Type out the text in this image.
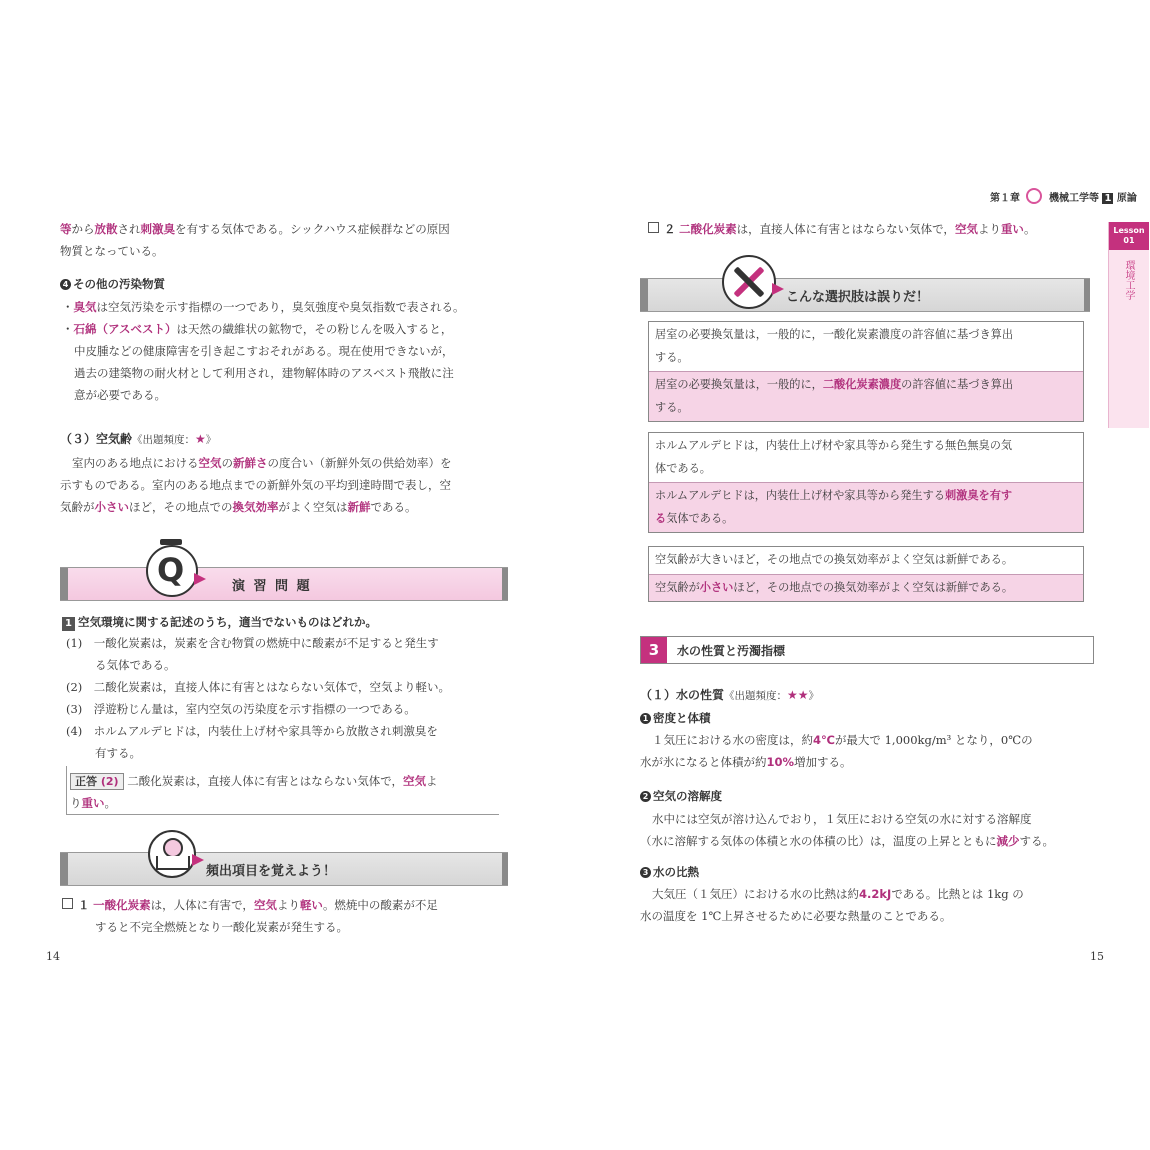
第１章	機械工学等 1 原論
Lesson 01
環境工学
等から放散され刺激臭を有する気体である。シックハウス症候群などの原因
物質となっている。
4 その他の汚染物質
・臭気は空気汚染を示す指標の一つであり，臭気強度や臭気指数で表される。
・石綿（アスベスト）は天然の繊維状の鉱物で，その粉じんを吸入すると，
中皮腫などの健康障害を引き起こすおそれがある。現在使用できないが，
過去の建築物の耐火材として利用され，建物解体時のアスベスト飛散に注
意が必要である。
（３）空気齢《出題頻度：★》
室内のある地点における空気の新鮮さの度合い（新鮮外気の供給効率）を
示すものである。室内のある地点までの新鮮外気の平均到達時間で表し，空
気齢が小さいほど，その地点での換気効率がよく空気は新鮮である。
演 習 問 題
Q
1 空気環境に関する記述のうち，適当でないものはどれか。
(1)　一酸化炭素は，炭素を含む物質の燃焼中に酸素が不足すると発生す
る気体である。
(2)　二酸化炭素は，直接人体に有害とはならない気体で，空気より軽い。
(3)　浮遊粉じん量は，室内空気の汚染度を示す指標の一つである。
(4)　ホルムアルデヒドは，内装仕上げ材や家具等から放散され刺激臭を
有する。
正答 (2) 二酸化炭素は，直接人体に有害とはならない気体で，空気よ
り重い。
頻出項目を覚えよう！
１ 一酸化炭素は，人体に有害で，空気より軽い。燃焼中の酸素が不足
すると不完全燃焼となり一酸化炭素が発生する。
14
２ 二酸化炭素は，直接人体に有害とはならない気体で，空気より重い。
こんな選択肢は誤りだ！
居室の必要換気量は，一般的に，一酸化炭素濃度の許容値に基づき算出
する。
居室の必要換気量は，一般的に，二酸化炭素濃度の許容値に基づき算出
する。
ホルムアルデヒドは，内装仕上げ材や家具等から発生する無色無臭の気
体である。
ホルムアルデヒドは，内装仕上げ材や家具等から発生する刺激臭を有す
る気体である。
空気齢が大きいほど，その地点での換気効率がよく空気は新鮮である。
空気齢が小さいほど，その地点での換気効率がよく空気は新鮮である。
3	水の性質と汚濁指標
（１）水の性質《出題頻度：★★》
1 密度と体積
１気圧における水の密度は，約4℃が最大で 1,000kg/m³ となり，0℃の
水が氷になると体積が約10%増加する。
2 空気の溶解度
水中には空気が溶け込んでおり，１気圧における空気の水に対する溶解度
（水に溶解する気体の体積と水の体積の比）は，温度の上昇とともに減少する。
3 水の比熱
大気圧（１気圧）における水の比熱は約4.2kJである。比熱とは 1kg の
水の温度を 1℃上昇させるために必要な熱量のことである。
15
